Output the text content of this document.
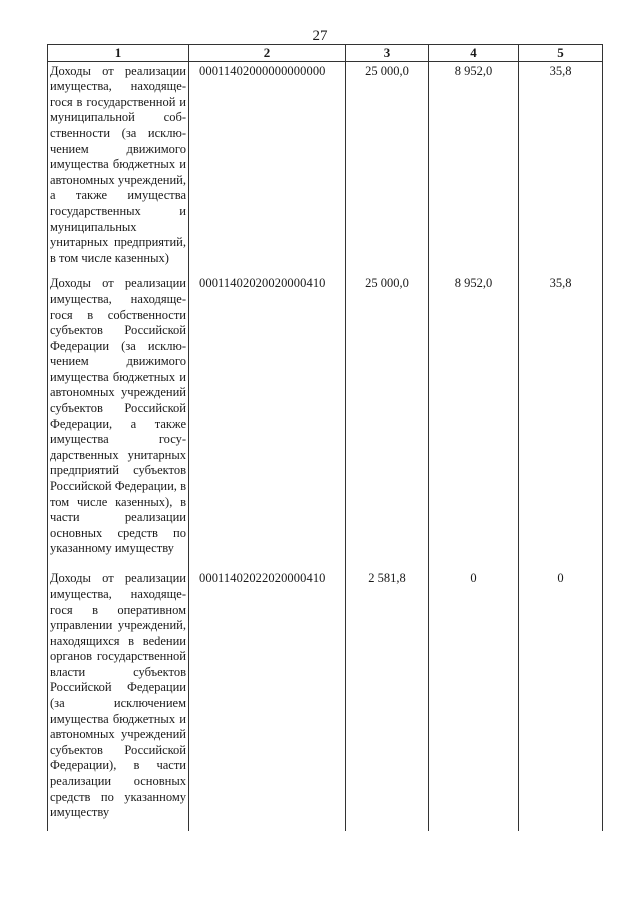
27
1	2	3	4	5
Доходы от реализации имущества, находящегося в государственной и муниципальной собственности (за исключением движимого имущества бюджетных и автономных учреждений, а также имущества государственных и муниципальных унитарных предприятий, в том числе казенных)	00011402000000000000	25 000,0	8 952,0	35,8
Доходы от реализации имущества, находящегося в собственности субъектов Российской Федерации (за исключением движимого имущества бюджетных и автономных учреждений субъектов Российской Федерации, а также имущества государственных унитарных предприятий субъектов Российской Федерации, в том числе казенных), в части реализации основных средств по указанному имуществу	00011402020020000410	25 000,0	8 952,0	35,8
Доходы от реализации имущества, находящегося в оперативном управлении учреждений, находящихся в веdении органов государственной власти субъектов Российской Федерации (за исключением имущества бюджетных и автономных учреждений субъектов Российской Федерации), в части реализации основных средств по указанному имуществу	00011402022020000410	2 581,8	0	0
